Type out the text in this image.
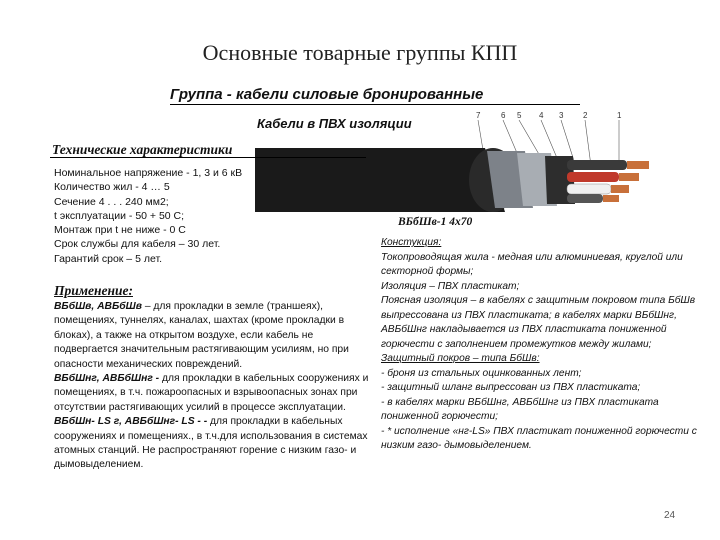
Основные товарные группы КПП
Группа - кабели силовые бронированные
Кабели в ПВХ изоляции
7	6 5 4 3 2	1
ВБбШв-1 4х70
Технические характеристики
Номинальное напряжение - 1, 3 и 6 кВ
Количество жил - 4 … 5
Сечение 4 . . . 240 мм2;
t эксплуатации - 50 + 50 С;
Монтаж при t не ниже - 0 С
Срок службы для кабеля – 30 лет.
Гарантий срок – 5 лет.
Применение:

ВБбШв, АВБбШв – для прокладки в земле (траншеях), помещениях, туннелях, каналах, шахтах (кроме прокладки в блоках), а также на открытом воздухе, если кабель не подвергается значительным растягивающим усилиям, но при опасности механических повреждений.

ВБбШнг, АВБбШнг - для прокладки в кабельных сооружениях и помещениях, в т.ч. пожароопасных и взрывоопасных зонах при отсутствии растягивающих усилий в процессе эксплуатации.

ВБбШн- LS г, АВБбШнг- LS - - для прокладки в кабельных сооружениях и помещениях., в т.ч.для использования в системах атомных станций. Не распространяют горение с низким газо- и дымовыделением.

Констукция:

Токопроводящая жила - медная или алюминиевая, круглой или секторной формы;

Изоляция – ПВХ пластикат;

Поясная изоляция – в кабелях с защитным покровом типа БбШв выпрессована из ПВХ пластиката; в кабелях марки ВБбШнг, АВБбШнг накладывается из ПВХ пластиката пониженной горючести с заполнением промежутков между жилами;

Защитный покров – типа БбШв:

- броня из стальных оцинкованных лент;

- защитный шланг выпрессован из ПВХ пластиката;

- в кабелях марки ВБбШнг, АВБбШнг из ПВХ пластиката пониженной горючести;

- * исполнение «нг-LS» ПВХ пластикат пониженной горючести с низким газо- дымовыделением.

24
